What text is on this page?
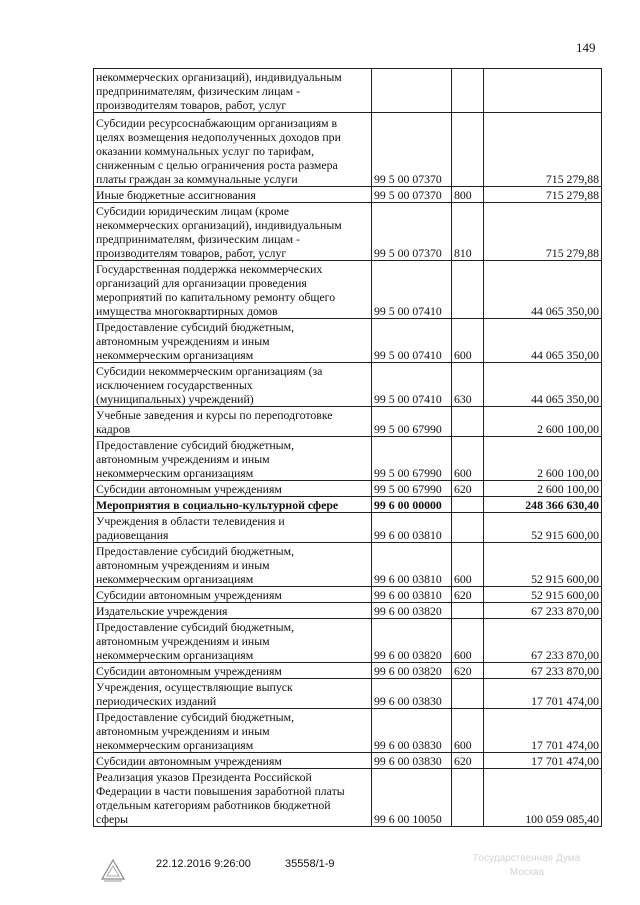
149
некоммерческих организаций), индивидуальным
предпринимателям, физическим лицам -
производителям товаров, работ, услуг			
Субсидии ресурсоснабжающим организациям в
целях возмещения недополученных доходов при
оказании коммунальных услуг по тарифам,
сниженным с целью ограничения роста размера
платы граждан за коммунальные услуги	99 5 00 07370		715 279,88
Иные бюджетные ассигнования	99 5 00 07370	800	715 279,88
Субсидии юридическим лицам (кроме
некоммерческих организаций), индивидуальным
предпринимателям, физическим лицам -
производителям товаров, работ, услуг	99 5 00 07370	810	715 279,88
Государственная поддержка некоммерческих
организаций для организации проведения
мероприятий по капитальному ремонту общего
имущества многоквартирных домов	99 5 00 07410		44 065 350,00
Предоставление субсидий бюджетным,
автономным учреждениям и иным
некоммерческим организациям	99 5 00 07410	600	44 065 350,00
Субсидии некоммерческим организациям (за
исключением государственных
(муниципальных) учреждений)	99 5 00 07410	630	44 065 350,00
Учебные заведения и курсы по переподготовке
кадров	99 5 00 67990		2 600 100,00
Предоставление субсидий бюджетным,
автономным учреждениям и иным
некоммерческим организациям	99 5 00 67990	600	2 600 100,00
Субсидии автономным учреждениям	99 5 00 67990	620	2 600 100,00
Мероприятия в социально-культурной сфере	99 6 00 00000		248 366 630,40
Учреждения в области телевидения и
радиовещания	99 6 00 03810		52 915 600,00
Предоставление субсидий бюджетным,
автономным учреждениям и иным
некоммерческим организациям	99 6 00 03810	600	52 915 600,00
Субсидии автономным учреждениям	99 6 00 03810	620	52 915 600,00
Издательские учреждения	99 6 00 03820		67 233 870,00
Предоставление субсидий бюджетным,
автономным учреждениям и иным
некоммерческим организациям	99 6 00 03820	600	67 233 870,00
Субсидии автономным учреждениям	99 6 00 03820	620	67 233 870,00
Учреждения, осуществляющие выпуск
периодических изданий	99 6 00 03830		17 701 474,00
Предоставление субсидий бюджетным,
автономным учреждениям и иным
некоммерческим организациям	99 6 00 03830	600	17 701 474,00
Субсидии автономным учреждениям	99 6 00 03830	620	17 701 474,00
Реализация указов Президента Российской
Федерации в части повышения заработной платы
отдельным категориям работников бюджетной
сферы	99 6 00 10050		100 059 085,40
22.12.2016 9:26:00	35558/1-9	Государственная Дума
Москва
